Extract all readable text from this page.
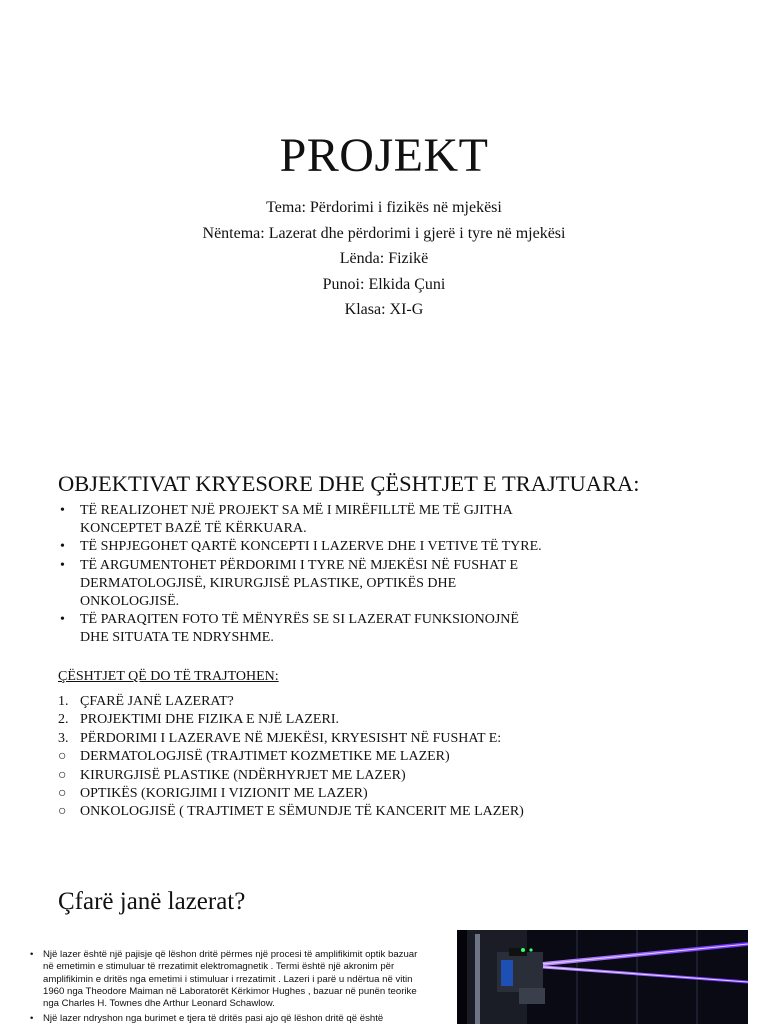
PROJEKT
Tema: Përdorimi i fizikës në mjekësi
Nëntema: Lazerat dhe përdorimi i gjerë i tyre në mjekësi
Lënda: Fizikë
Punoi: Elkida Çuni
Klasa: XI-G
OBJEKTIVAT KRYESORE DHE ÇËSHTJET E TRAJTUARA:
• TË REALIZOHET NJË PROJEKT SA MË I MIRËFILLTË ME TË GJITHA
KONCEPTET BAZË TË KËRKUARA.
• TË SHPJEGOHET QARTË KONCEPTI I LAZERVE DHE I VETIVE TË TYRE.
• TË ARGUMENTOHET PËRDORIMI I TYRE NË MJEKËSI NË FUSHAT E
DERMATOLOGJISË, KIRURGJISË PLASTIKE, OPTIKËS DHE
ONKOLOGJISË.
• TË PARAQITEN FOTO TË MËNYRËS SE SI LAZERAT FUNKSIONOJNË
DHE SITUATA TE NDRYSHME.
ÇËSHTJET QË DO TË TRAJTOHEN:
1. ÇFARË JANË LAZERAT?
2. PROJEKTIMI DHE FIZIKA E NJË LAZERI.
3. PËRDORIMI I LAZERAVE NË MJEKËSI, KRYESISHT NË FUSHAT E:
○ DERMATOLOGJISË (TRAJTIMET KOZMETIKE ME LAZER)
○ KIRURGJISË PLASTIKE (NDËRHYRJET ME LAZER)
○ OPTIKËS (KORIGJIMI I VIZIONIT ME LAZER)
○ ONKOLOGJISË ( TRAJTIMET E SËMUNDJE TË KANCERIT ME LAZER)
Çfarë janë lazerat?
• Një lazer është një pajisje që lëshon dritë përmes një procesi të amplifikimit optik bazuar
në emetimin e stimuluar të rrezatimit elektromagnetik . Termi është një akronim për
amplifikimin e dritës nga emetimi i stimuluar i rrezatimit . Lazeri i parë u ndërtua në vitin
1960 nga Theodore Maiman në Laboratorët Kërkimor Hughes , bazuar në punën teorike
nga Charles H. Townes dhe Arthur Leonard Schawlow.
• Një lazer ndryshon nga burimet e tjera të dritës pasi ajo që lëshon dritë që është
